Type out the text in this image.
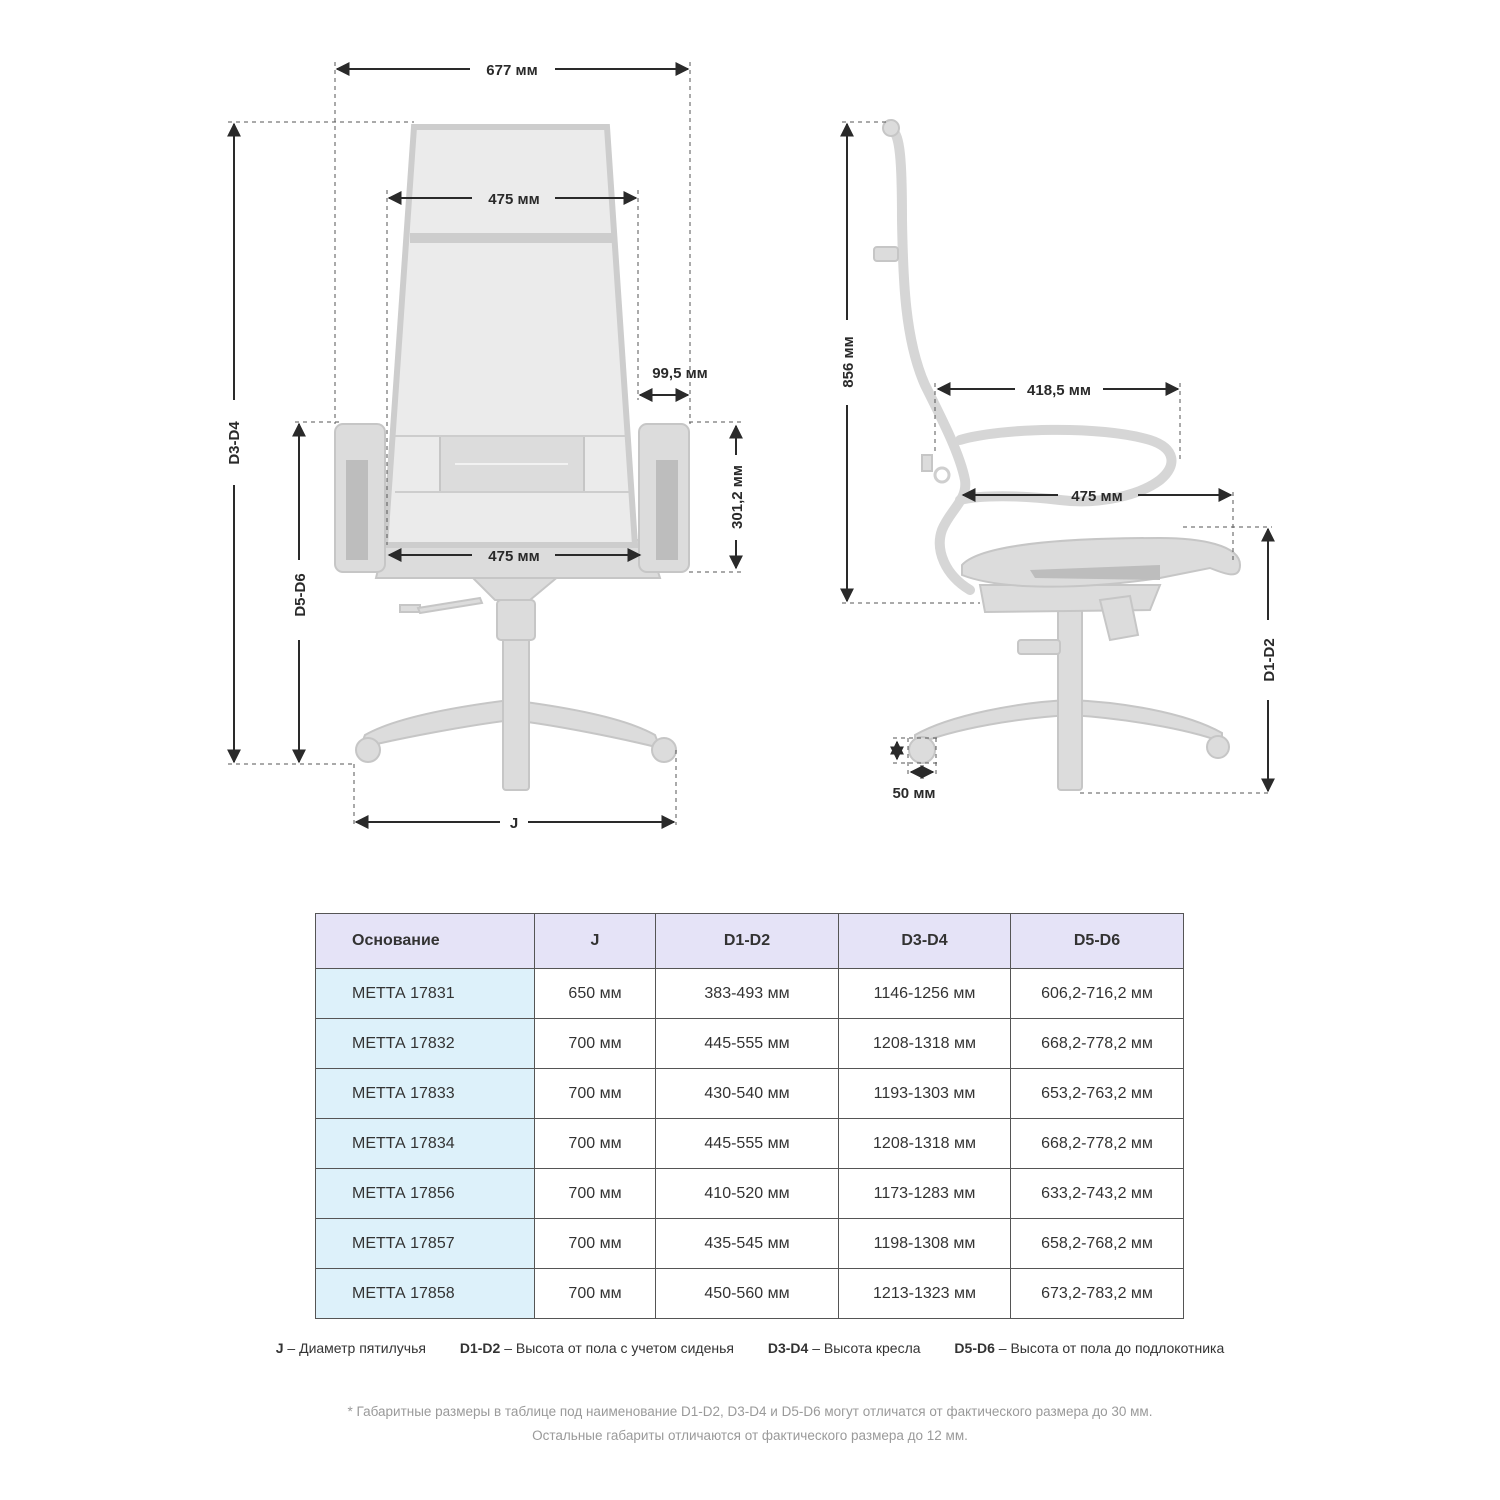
677 мм
475 мм
99,5 мм
301,2 мм
475 мм
D3-D4
D5-D6
J
856 мм
418,5 мм
475 мм
D1-D2
50 мм
Основание	J	D1-D2	D3-D4	D5-D6
МЕТТА 17831	650 мм	383-493 мм	1146-1256 мм	606,2-716,2 мм
МЕТТА 17832	700 мм	445-555 мм	1208-1318 мм	668,2-778,2 мм
МЕТТА 17833	700 мм	430-540 мм	1193-1303 мм	653,2-763,2 мм
МЕТТА 17834	700 мм	445-555 мм	1208-1318 мм	668,2-778,2 мм
МЕТТА 17856	700 мм	410-520 мм	1173-1283 мм	633,2-743,2 мм
МЕТТА 17857	700 мм	435-545 мм	1198-1308 мм	658,2-768,2 мм
МЕТТА 17858	700 мм	450-560 мм	1213-1323 мм	673,2-783,2 мм
J – Диаметр пятилучья D1-D2 – Высота от пола с учетом сиденья D3-D4 – Высота кресла D5-D6 – Высота от пола до подлокотника
* Габаритные размеры в таблице под наименование D1-D2, D3-D4 и D5-D6 могут отличатся от фактического размера до 30 мм.
Остальные габариты отличаются от фактического размера до 12 мм.
